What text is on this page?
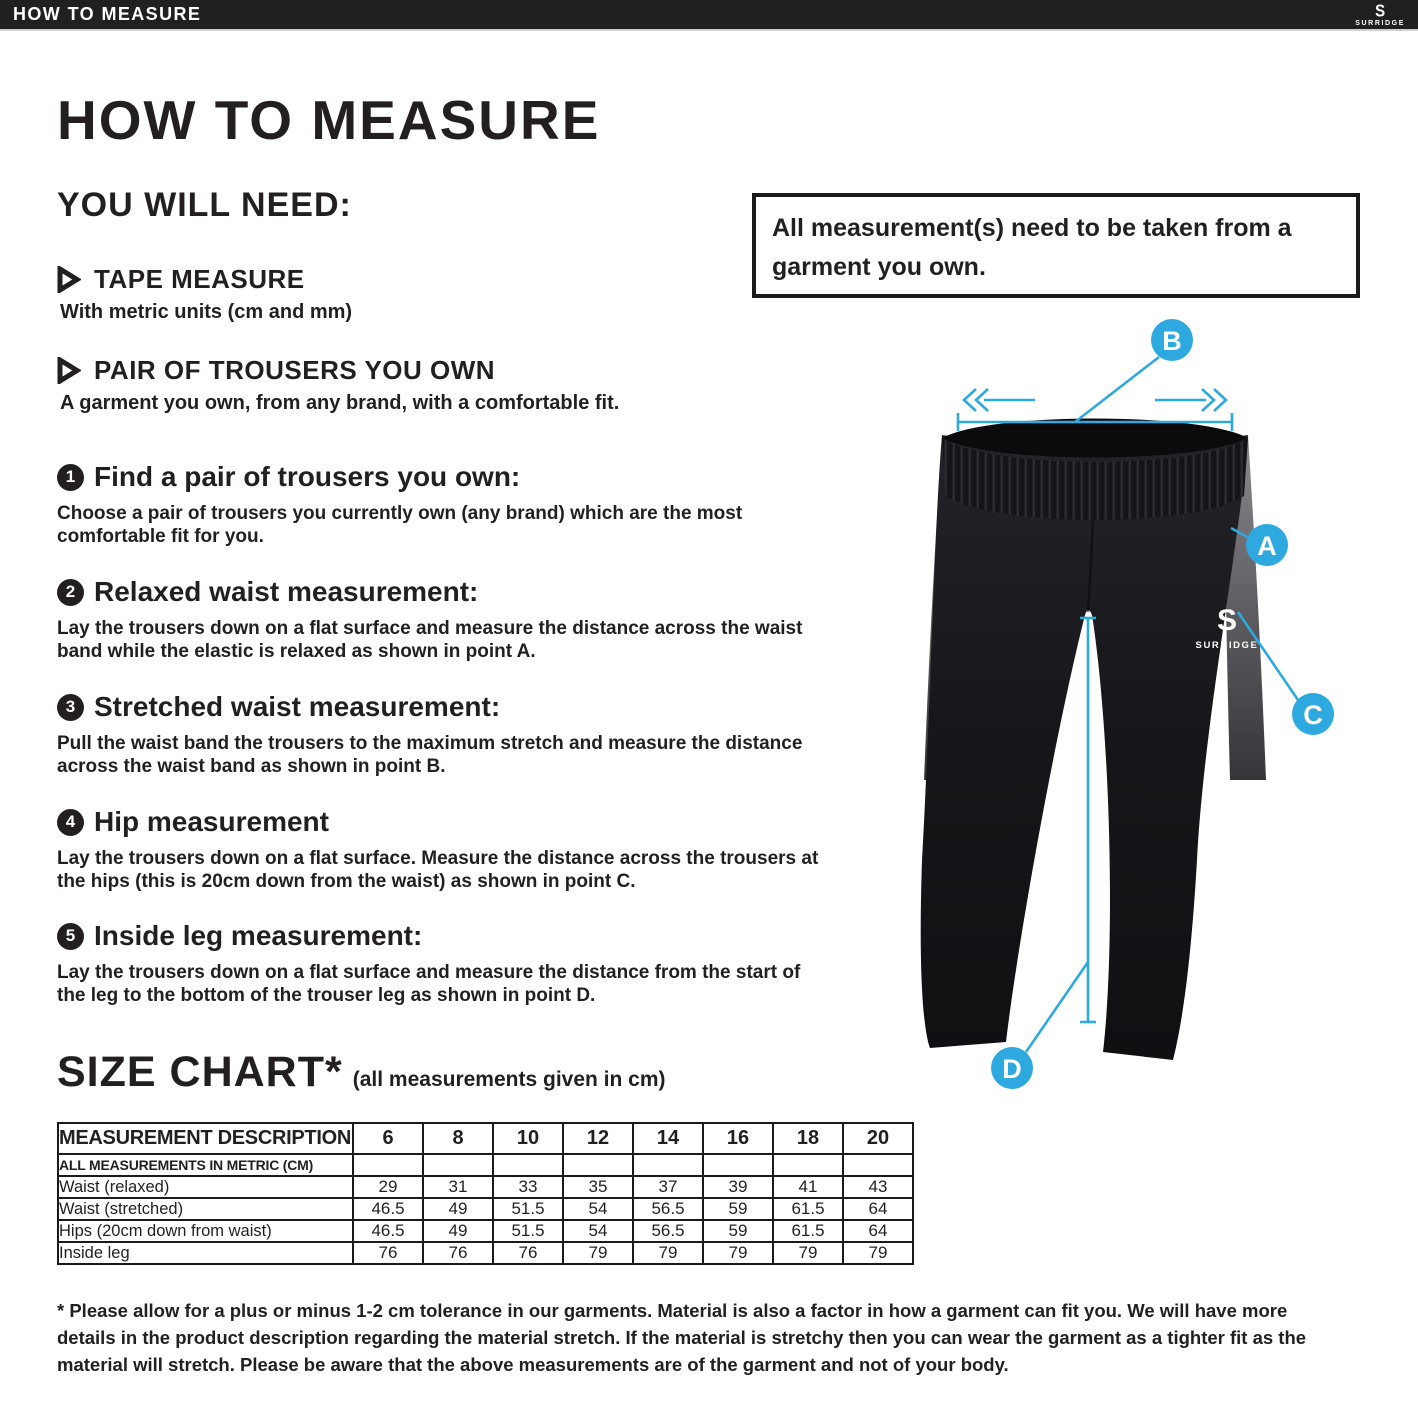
HOW TO MEASURE	S
SURRIDGE
HOW TO MEASURE
YOU WILL NEED:
TAPE MEASURE
With metric units (cm and mm)
PAIR OF TROUSERS YOU OWN
A garment you own, from any brand, with a comfortable fit.
1 Find a pair of trousers you own:
Choose a pair of trousers you currently own (any brand) which are the most comfortable fit for you.
2 Relaxed waist measurement:
Lay the trousers down on a flat surface and measure the distance across the waist band while the elastic is relaxed as shown in point A.
3 Stretched waist measurement:
Pull the waist band the trousers to the maximum stretch and measure the distance across the waist band as shown in point B.
4 Hip measurement
Lay the trousers down on a flat surface. Measure the distance across the trousers at the hips (this is 20cm down from the waist) as shown in point C.
5 Inside leg measurement:
Lay the trousers down on a flat surface and measure the distance from the start of the leg to the bottom of the trouser leg as shown in point D.
SIZE CHART* (all measurements given in cm)
MEASUREMENT DESCRIPTION	6	8	10	12	14	16	18	20
ALL MEASUREMENTS IN METRIC (CM)								
Waist (relaxed)	29	31	33	35	37	39	41	43
Waist (stretched)	46.5	49	51.5	54	56.5	59	61.5	64
Hips (20cm down from waist)	46.5	49	51.5	54	56.5	59	61.5	64
Inside leg	76	76	76	79	79	79	79	79
* Please allow for a plus or minus 1-2 cm tolerance in our garments. Material is also a factor in how a garment can fit you. We will have more details in the product description regarding the material stretch. If the material is stretchy then you can wear the garment as a tighter fit as the material will stretch. Please be aware that the above measurements are of the garment and not of your body.
All measurement(s) need to be taken from a garment you own.
S
SURRIDGE
B
A
C
D
